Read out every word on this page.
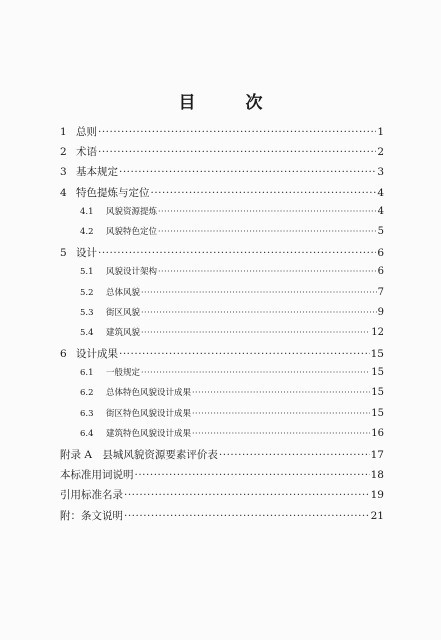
目 次
1 总则 ·····	1
2 术语 ·····	2
3 基本规定 ·····	3
4 特色提炼与定位 ·····	4
4.1	风貌资源提炼 ·····	4
4.2	风貌特色定位 ·····	5
5 设计 ·····	6
5.1	风貌设计架构 ·····	6
5.2	总体风貌 ·····	7
5.3	街区风貌 ·····	9
5.4	建筑风貌 ·····	12
6 设计成果 ·····	15
6.1	一般规定 ·····	15
6.2	总体特色风貌设计成果 ·····	15
6.3	街区特色风貌设计成果 ·····	15
6.4	建筑特色风貌设计成果 ·····	16
附录 A　县城风貌资源要素评价表 ·····	17
本标准用词说明 ·····	18
引用标准名录 ·····	19
附：条文说明 ·····	21
